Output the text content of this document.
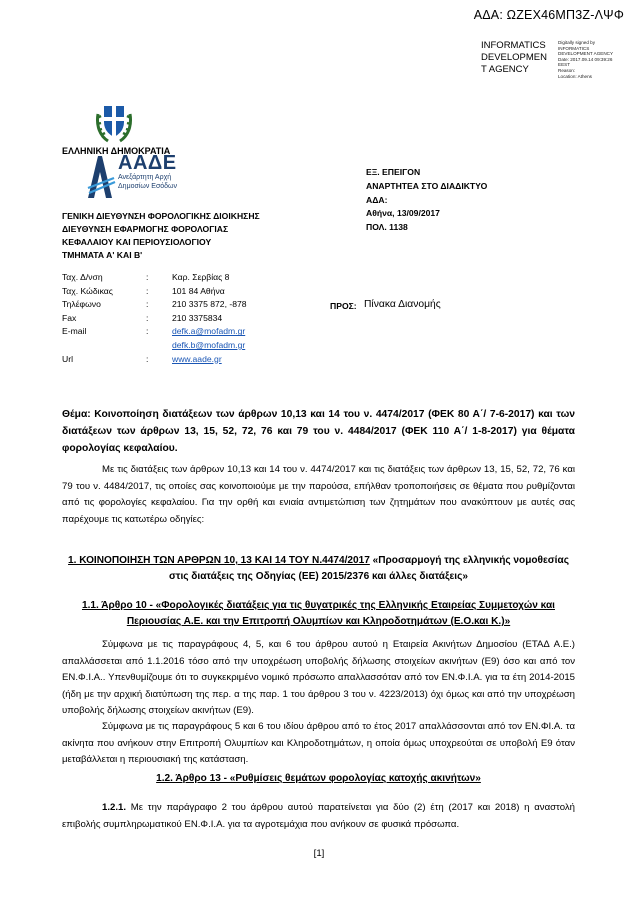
ΑΔΑ: ΩΖΕΧ46ΜΠ3Ζ-ΛΨΦ
INFORMATICS DEVELOPMEN T AGENCY
Digitally signed by
INFORMATICS
DEVELOPMENT AGENCY
Date: 2017.09.14 09:39:26
EEST
Reason:
Location: Athens
ΕΛΛΗΝΙΚΗ ΔΗΜΟΚΡΑΤΙΑ
ΑΑΔΕ
Ανεξάρτητη Αρχή
Δημοσίων Εσόδων
ΓΕΝΙΚΗ ΔΙΕΥΘΥΝΣΗ ΦΟΡΟΛΟΓΙΚΗΣ ΔΙΟΙΚΗΣΗΣ
ΔΙΕΥΘΥΝΣΗ ΕΦΑΡΜΟΓΗΣ ΦΟΡΟΛΟΓΙΑΣ
ΚΕΦΑΛΑΙΟΥ ΚΑΙ ΠΕΡΙΟΥΣΙΟΛΟΓΙΟΥ
ΤΜΗΜΑΤΑ Α' ΚΑΙ Β'
ΕΞ. ΕΠΕΙΓΟΝ
ΑΝΑΡΤΗΤΕΑ ΣΤΟ ΔΙΑΔΙΚΤΥΟ
ΑΔΑ:
Αθήνα, 13/09/2017
ΠΟΛ. 1138
Ταχ. Δ/νση	:	Καρ. Σερβίας 8
Ταχ. Κώδικας	:	101 84 Αθήνα
Τηλέφωνο	:	210 3375 872, -878
Fax	:	210 3375834
E-mail	:	defk.a@mofadm.gr
defk.b@mofadm.gr
Url	:	www.aade.gr
ΠΡΟΣ: Πίνακα Διανομής
Θέμα: Κοινοποίηση διατάξεων των άρθρων 10,13 και 14 του ν. 4474/2017 (ΦΕΚ 80 Α΄/ 7-6-2017) και των διατάξεων των άρθρων 13, 15, 52, 72, 76 και 79 του ν. 4484/2017 (ΦΕΚ 110 Α΄/ 1-8-2017) για θέματα φορολογίας κεφαλαίου.
Με τις διατάξεις των άρθρων 10,13 και 14 του ν. 4474/2017 και τις διατάξεις των άρθρων 13, 15, 52, 72, 76 και 79 του ν. 4484/2017, τις οποίες σας κοινοποιούμε με την παρούσα, επήλθαν τροποποιήσεις σε θέματα που ρυθμίζονται από τις φορολογίες κεφαλαίου. Για την ορθή και ενιαία αντιμετώπιση των ζητημάτων που ανακύπτουν με αυτές σας παρέχουμε τις κατωτέρω οδηγίες:
1. ΚΟΙΝΟΠΟΙΗΣΗ ΤΩΝ ΑΡΘΡΩΝ 10, 13 ΚΑΙ 14 ΤΟΥ Ν.4474/2017 «Προσαρμογή της ελληνικής νομοθεσίας στις διατάξεις της Οδηγίας (ΕΕ) 2015/2376 και άλλες διατάξεις»
1.1. Άρθρο 10 - «Φορολογικές διατάξεις για τις θυγατρικές της Ελληνικής Εταιρείας Συμμετοχών και Περιουσίας Α.Ε. και την Επιτροπή Ολυμπίων και Κληροδοτημάτων (Ε.Ο.και Κ.)»
Σύμφωνα με τις παραγράφους 4, 5, και 6 του άρθρου αυτού η Εταιρεία Ακινήτων Δημοσίου (ΕΤΑΔ Α.Ε.) απαλλάσσεται από 1.1.2016 τόσο από την υποχρέωση υποβολής δήλωσης στοιχείων ακινήτων (Ε9) όσο και από τον ΕΝ.Φ.Ι.Α.. Υπενθυμίζουμε ότι το συγκεκριμένο νομικό πρόσωπο απαλλασσόταν από τον ΕΝ.Φ.Ι.Α. για τα έτη 2014-2015 (ήδη με την αρχική διατύπωση της περ. α της παρ. 1 του άρθρου 3 του ν. 4223/2013) όχι όμως και από την υποχρέωση υποβολής δήλωσης στοιχείων ακινήτων (Ε9).
Σύμφωνα με τις παραγράφους 5 και 6 του ιδίου άρθρου από το έτος 2017 απαλλάσσονται από τον ΕΝ.ΦΙ.Α. τα ακίνητα που ανήκουν στην Επιτροπή Ολυμπίων και Κληροδοτημάτων, η οποία όμως υποχρεούται σε υποβολή Ε9 όταν μεταβάλλεται η περιουσιακή της κατάσταση.
1.2. Άρθρο 13 - «Ρυθμίσεις θεμάτων φορολογίας κατοχής ακινήτων»
1.2.1. Με την παράγραφο 2 του άρθρου αυτού παρατείνεται για δύο (2) έτη (2017 και 2018) η αναστολή επιβολής συμπληρωματικού ΕΝ.Φ.Ι.Α. για τα αγροτεμάχια που ανήκουν σε φυσικά πρόσωπα.
[1]
